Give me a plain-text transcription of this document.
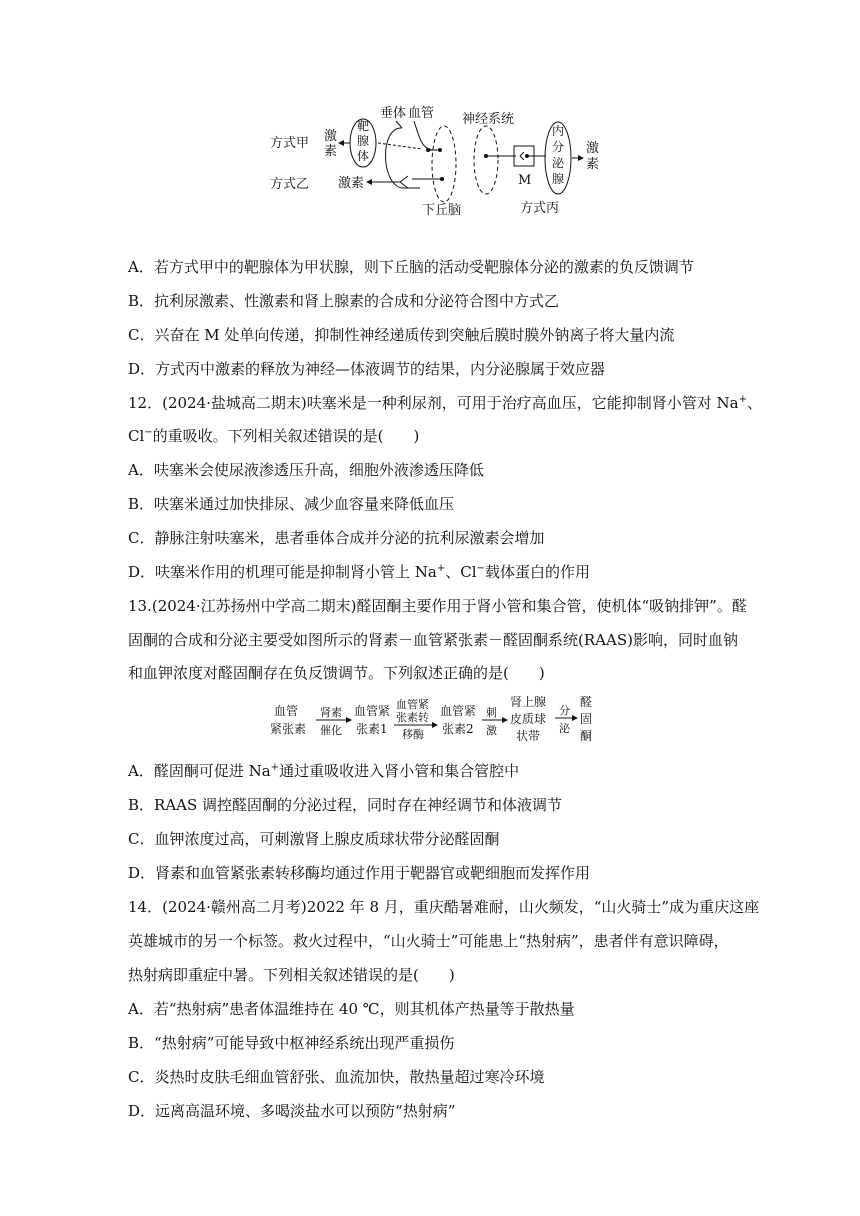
垂体 血管 神经系统
方式甲
方式乙
激
素
靶
腺
体
激素
下丘脑
M
内
分
泌
腺
激
素
方式丙
A．若方式甲中的靶腺体为甲状腺，则下丘脑的活动受靶腺体分泌的激素的负反馈调节
B．抗利尿激素、性激素和肾上腺素的合成和分泌符合图中方式乙
C．兴奋在 M 处单向传递，抑制性神经递质传到突触后膜时膜外钠离子将大量内流
D．方式丙中激素的释放为神经—体液调节的结果，内分泌腺属于效应器
12．(2024·盐城高二期末)呋塞米是一种利尿剂，可用于治疗高血压，它能抑制肾小管对 Na+、
Cl−的重吸收。下列相关叙述错误的是(　　)
A．呋塞米会使尿液渗透压升高，细胞外液渗透压降低
B．呋塞米通过加快排尿、减少血容量来降低血压
C．静脉注射呋塞米，患者垂体合成并分泌的抗利尿激素会增加
D．呋塞米作用的机理可能是抑制肾小管上 Na+、Cl−载体蛋白的作用
13.(2024·江苏扬州中学高二期末)醛固酮主要作用于肾小管和集合管，使机体“吸钠排钾”。醛
固酮的合成和分泌主要受如图所示的肾素－血管紧张素－醛固酮系统(RAAS)影响，同时血钠
和血钾浓度对醛固酮存在负反馈调节。下列叙述正确的是(　　)
血管
紧张素
肾素
催化
血管紧
张素1
血管紧
张素转
移酶
血管紧
张素2
刺
激
肾上腺
皮质球
状带
分
泌
醛
固
酮
A．醛固酮可促进 Na+通过重吸收进入肾小管和集合管腔中
B．RAAS 调控醛固酮的分泌过程，同时存在神经调节和体液调节
C．血钾浓度过高，可刺激肾上腺皮质球状带分泌醛固酮
D．肾素和血管紧张素转移酶均通过作用于靶器官或靶细胞而发挥作用
14．(2024·赣州高二月考)2022 年 8 月，重庆酷暑难耐，山火频发，“山火骑士”成为重庆这座
英雄城市的另一个标签。救火过程中，“山火骑士”可能患上“热射病”，患者伴有意识障碍，
热射病即重症中暑。下列相关叙述错误的是(　　)
A．若“热射病”患者体温维持在 40 ℃，则其机体产热量等于散热量
B．“热射病”可能导致中枢神经系统出现严重损伤
C．炎热时皮肤毛细血管舒张、血流加快，散热量超过寒冷环境
D．远离高温环境、多喝淡盐水可以预防“热射病”
